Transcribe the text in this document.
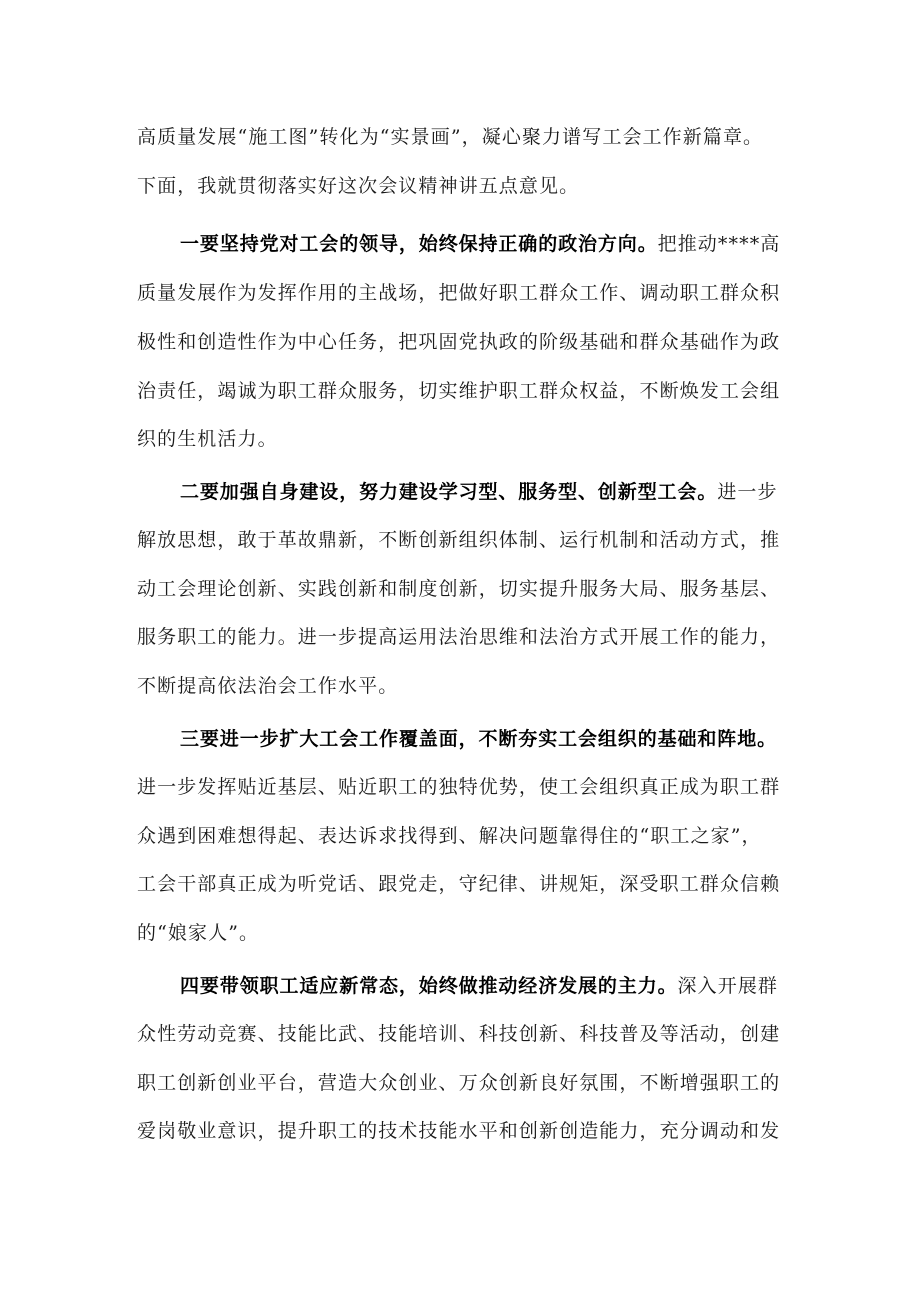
高质量发展“施工图”转化为“实景画”，凝心聚力谱写工会工作新篇章。
下面，我就贯彻落实好这次会议精神讲五点意见。
一要坚持党对工会的领导，始终保持正确的政治方向。把推动****高
质量发展作为发挥作用的主战场，把做好职工群众工作、调动职工群众积
极性和创造性作为中心任务，把巩固党执政的阶级基础和群众基础作为政
治责任，竭诚为职工群众服务，切实维护职工群众权益，不断焕发工会组
织的生机活力。
二要加强自身建设，努力建设学习型、服务型、创新型工会。进一步
解放思想，敢于革故鼎新，不断创新组织体制、运行机制和活动方式，推
动工会理论创新、实践创新和制度创新，切实提升服务大局、服务基层、
服务职工的能力。进一步提高运用法治思维和法治方式开展工作的能力，
不断提高依法治会工作水平。
三要进一步扩大工会工作覆盖面，不断夯实工会组织的基础和阵地。
进一步发挥贴近基层、贴近职工的独特优势，使工会组织真正成为职工群
众遇到困难想得起、表达诉求找得到、解决问题靠得住的“职工之家”，
工会干部真正成为听党话、跟党走，守纪律、讲规矩，深受职工群众信赖
的“娘家人”。
四要带领职工适应新常态，始终做推动经济发展的主力。深入开展群
众性劳动竞赛、技能比武、技能培训、科技创新、科技普及等活动，创建
职工创新创业平台，营造大众创业、万众创新良好氛围，不断增强职工的
爱岗敬业意识，提升职工的技术技能水平和创新创造能力，充分调动和发
